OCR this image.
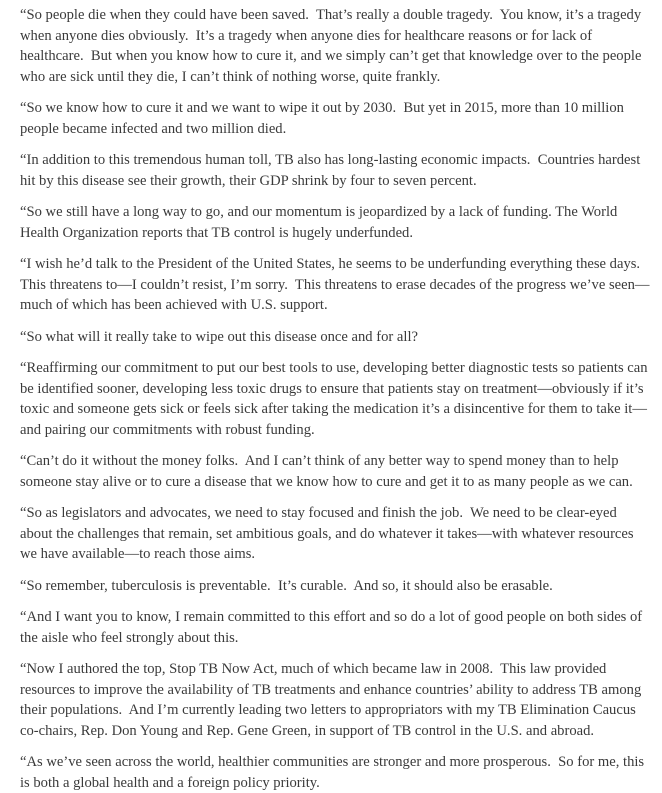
“So people die when they could have been saved.  That’s really a double tragedy.  You know, it’s a tragedy when anyone dies obviously.  It’s a tragedy when anyone dies for healthcare reasons or for lack of healthcare.  But when you know how to cure it, and we simply can’t get that knowledge over to the people who are sick until they die, I can’t think of nothing worse, quite frankly.

“So we know how to cure it and we want to wipe it out by 2030.  But yet in 2015, more than 10 million people became infected and two million died.

“In addition to this tremendous human toll, TB also has long-lasting economic impacts.  Countries hardest hit by this disease see their growth, their GDP shrink by four to seven percent.

“So we still have a long way to go, and our momentum is jeopardized by a lack of funding. The World Health Organization reports that TB control is hugely underfunded.

“I wish he’d talk to the President of the United States, he seems to be underfunding everything these days.  This threatens to—I couldn’t resist, I’m sorry.  This threatens to erase decades of the progress we’ve seen—much of which has been achieved with U.S. support.

“So what will it really take to wipe out this disease once and for all?

“Reaffirming our commitment to put our best tools to use, developing better diagnostic tests so patients can be identified sooner, developing less toxic drugs to ensure that patients stay on treatment—obviously if it’s toxic and someone gets sick or feels sick after taking the medication it’s a disincentive for them to take it—and pairing our commitments with robust funding.

“Can’t do it without the money folks.  And I can’t think of any better way to spend money than to help someone stay alive or to cure a disease that we know how to cure and get it to as many people as we can.

“So as legislators and advocates, we need to stay focused and finish the job.  We need to be clear-eyed about the challenges that remain, set ambitious goals, and do whatever it takes—with whatever resources we have available—to reach those aims.

“So remember, tuberculosis is preventable.  It’s curable.  And so, it should also be erasable.

“And I want you to know, I remain committed to this effort and so do a lot of good people on both sides of the aisle who feel strongly about this.

“Now I authored the top, Stop TB Now Act, much of which became law in 2008.  This law provided resources to improve the availability of TB treatments and enhance countries’ ability to address TB among their populations.  And I’m currently leading two letters to appropriators with my TB Elimination Caucus co-chairs, Rep. Don Young and Rep. Gene Green, in support of TB control in the U.S. and abroad.

“As we’ve seen across the world, healthier communities are stronger and more prosperous.  So for me, this is both a global health and a foreign policy priority.
